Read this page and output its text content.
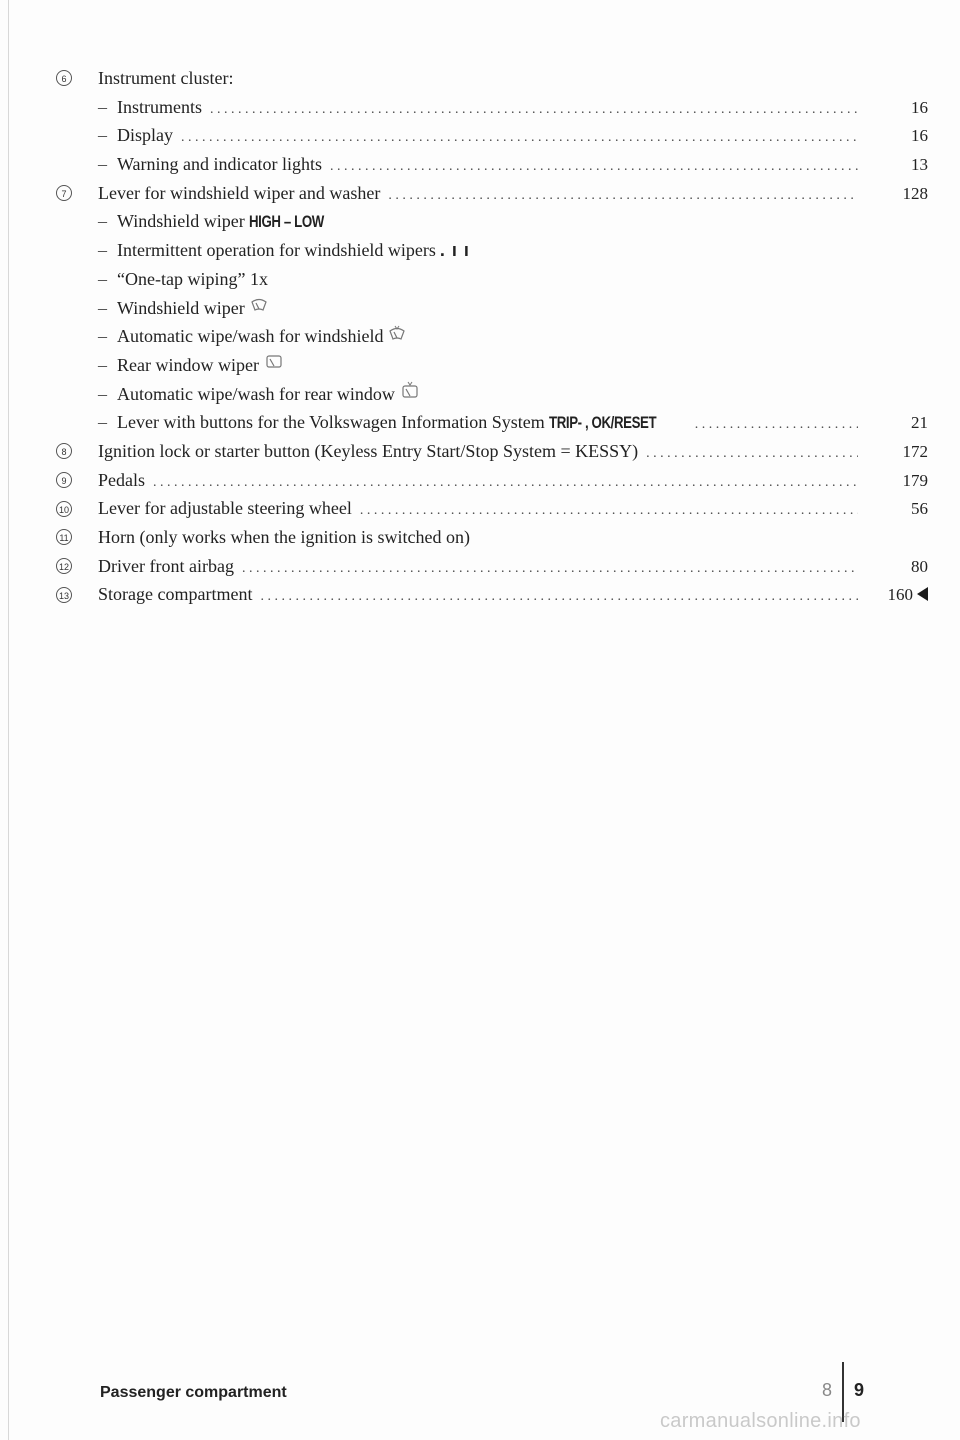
6	Instrument cluster:
– Instruments . . .	16
– Display . . .	16
– Warning and indicator lights . . .	13
7	Lever for windshield wiper and washer . . .	128
– Windshield wiper HIGH – LOW
– Intermittent operation for windshield wipers . ı ı
– “One-tap wiping” 1x
– Windshield wiper
– Automatic wipe/wash for windshield
– Rear window wiper
– Automatic wipe/wash for rear window
– Lever with buttons for the Volkswagen Information System TRIP- , OK/RESET . . .	21
8	Ignition lock or starter button (Keyless Entry Start/Stop System = KESSY) . . .	172
9	Pedals . . .	179
10 Lever for adjustable steering wheel . . .	56
11 Horn (only works when the ignition is switched on)
12 Driver front airbag . . .	80
13 Storage compartment . . .	160
Passenger compartment	8 9
carmanualsonline.info
